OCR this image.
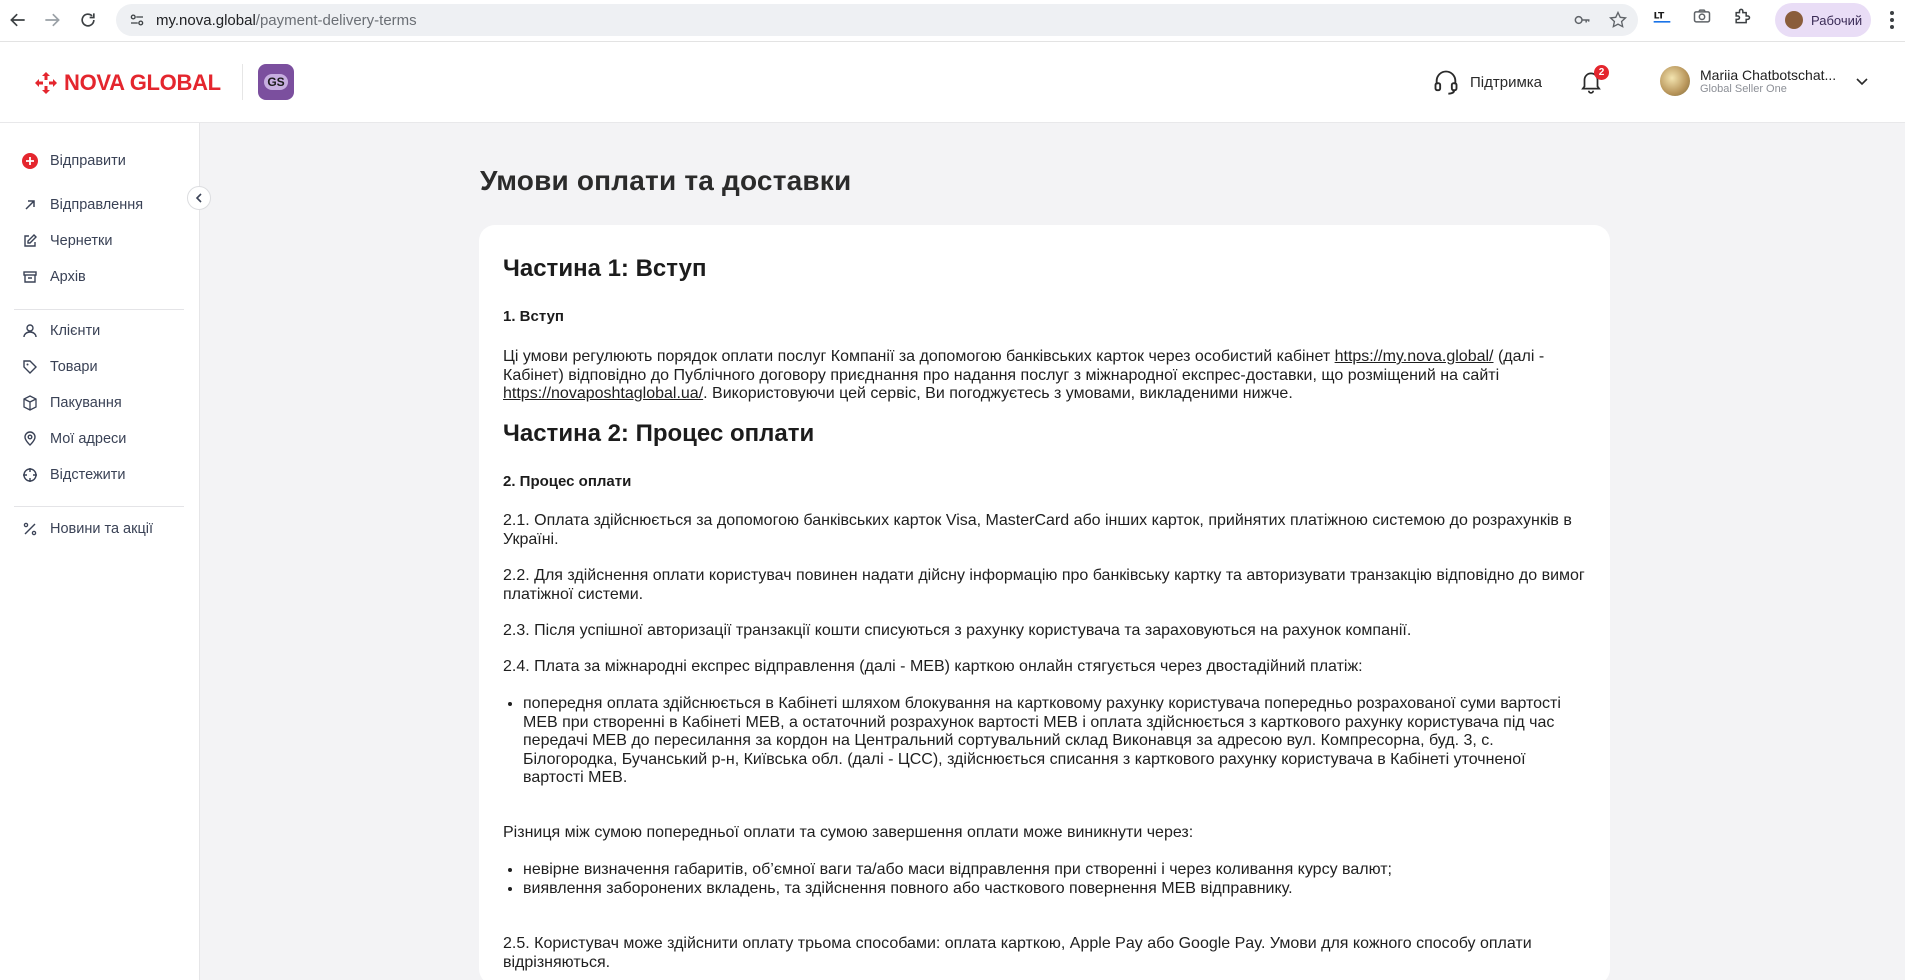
my.nova.global/payment-delivery-terms	LT	Рабочий
NOVA GLOBAL	GS	Підтримка
2	Mariia Chatbotschat...
Global Seller One
Відправити
Відправлення
Чернетки
Архів
Клієнти
Товари
Пакування
Мої адреси
Відстежити
Новини та акції
Умови оплати та доставки
Частина 1: Вступ
1. Вступ

Ці умови регулюють порядок оплати послуг Компанії за допомогою банківських карток через особистий кабінет https://my.nova.global/ (далі - Кабінет) відповідно до Публічного договору приєднання про надання послуг з міжнародної експрес-доставки, що розміщений на сайті https://novaposhtaglobal.ua/. Використовуючи цей сервіс, Ви погоджуєтесь з умовами, викладеними нижче.

Частина 2: Процес оплати
2. Процес оплати

2.1. Оплата здійснюється за допомогою банківських карток Visa, MasterCard або інших карток, прийнятих платіжною системою до розрахунків в Україні.

2.2. Для здійснення оплати користувач повинен надати дійсну інформацію про банківську картку та авторизувати транзакцію відповідно до вимог платіжної системи.

2.3. Після успішної авторизації транзакції кошти списуються з рахунку користувача та зараховуються на рахунок компанії.

2.4. Плата за міжнародні експрес відправлення (далі - МЕВ) карткою онлайн стягується через двостадійний платіж:

• попередня оплата здійснюється в Кабінеті шляхом блокування на картковому рахунку користувача попередньо розрахованої суми вартості МЕВ при створенні в Кабінеті МЕВ, а остаточний розрахунок вартості МЕВ і оплата здійснюється з карткового рахунку користувача під час передачі МЕВ до пересилання за кордон на Центральний сортувальний склад Виконавця за адресою вул. Компресорна, буд. 3, с. Білогородка, Бучанський р-н, Київська обл. (далі - ЦСС), здійснюється списання з карткового рахунку користувача в Кабінеті уточненої вартості МЕВ.

Різниця між сумою попередньої оплати та сумою завершення оплати може виникнути через:

• невірне визначення габаритів, об’ємної ваги та/або маси відправлення при створенні і через коливання курсу валют;
• виявлення заборонених вкладень, та здійснення повного або часткового повернення МЕВ відправнику.

2.5. Користувач може здійснити оплату трьома способами: оплата карткою, Apple Pay або Google Pay. Умови для кожного способу оплати відрізняються.
